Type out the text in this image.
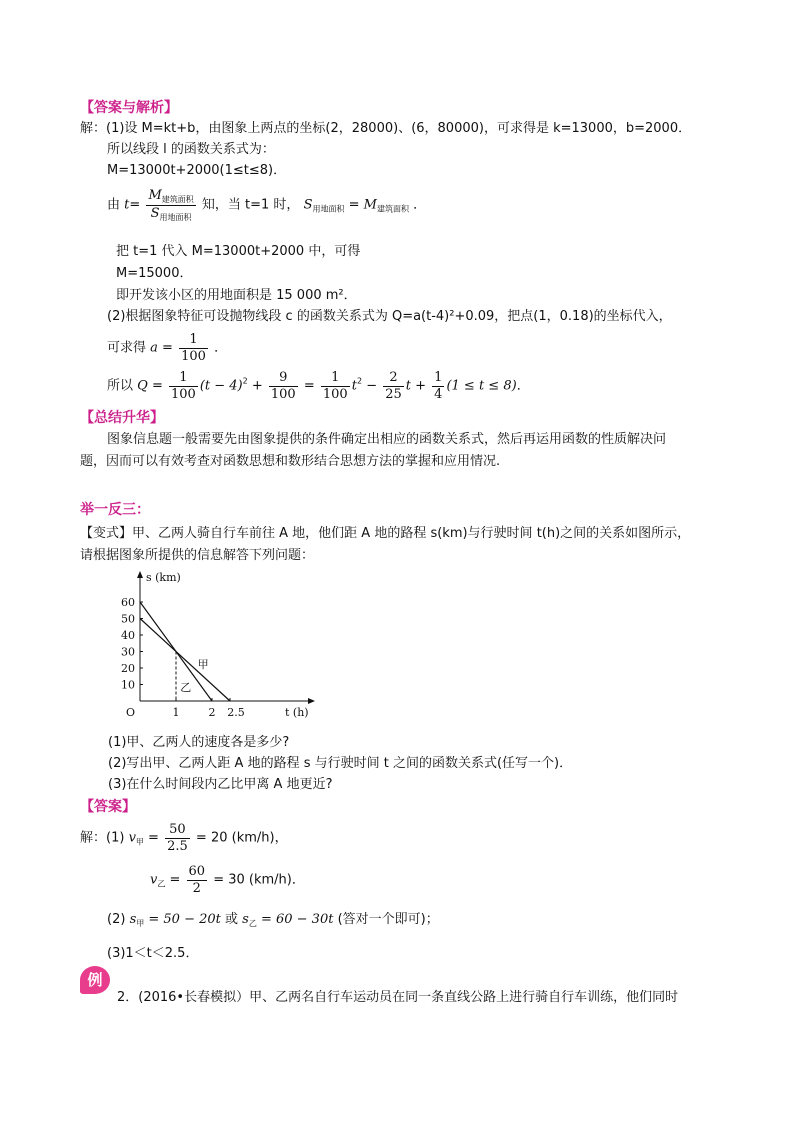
【答案与解析】
解：(1)设 M=kt+b，由图象上两点的坐标(2，28000)、(6，80000)，可求得是 k=13000，b=2000．
所以线段 l 的函数关系式为：
M=13000t+2000(1≤t≤8)．
由 $t= \frac{M_{建筑面积}}{S_{用地面积}}$ 知，当 t=1 时， $S_{用地面积} = M_{建筑面积}$ ．
把 t=1 代入 M=13000t+2000 中，可得
M=15000．
即开发该小区的用地面积是 15 000 m²．
(2)根据图象特征可设抛物线段 c 的函数关系式为 Q=a(t-4)²+0.09，把点(1，0.18)的坐标代入，
可求得 $a = \frac{1}{100}$ ．
所以 $Q = \frac{1}{100} (t - 4)^2 + \frac{9}{100} = \frac{1}{100} t^2 - \frac{2}{25}$ $t + \frac{1}{4} (1 \le t \le 8)$．
【总结升华】
图象信息题一般需要先由图象提供的条件确定出相应的函数关系式，然后再运用函数的性质解决问
题，因而可以有效考查对函数思想和数形结合思想方法的掌握和应用情况.
举一反三：
【变式】甲、乙两人骑自行车前往 A 地，他们距 A 地的路程 s(km)与行驶时间 t(h)之间的关系如图所示，
请根据图象所提供的信息解答下列问题：
10
20
30
40
50
60
1	2 2.5
O
s (km)
t (h)
甲
乙
(1)甲、乙两人的速度各是多少?
(2)写出甲、乙两人距 A 地的路程 s 与行驶时间 t 之间的函数关系式(任写一个)．
(3)在什么时间段内乙比甲离 A 地更近?
【答案】
解：(1) $v_甲 = \frac{50}{2.5} = 20$ (km/h)，
$v_乙 = \frac{60}{2} = 30$ (km/h)．
(2) $s_甲 = 50 - 20t$ 或 $s_乙 = 60 - 30t$ (答对一个即可)；
(3)1＜t＜2.5．
例
2．(2016•长春模拟）甲、乙两名自行车运动员在同一条直线公路上进行骑自行车训练，他们同时
